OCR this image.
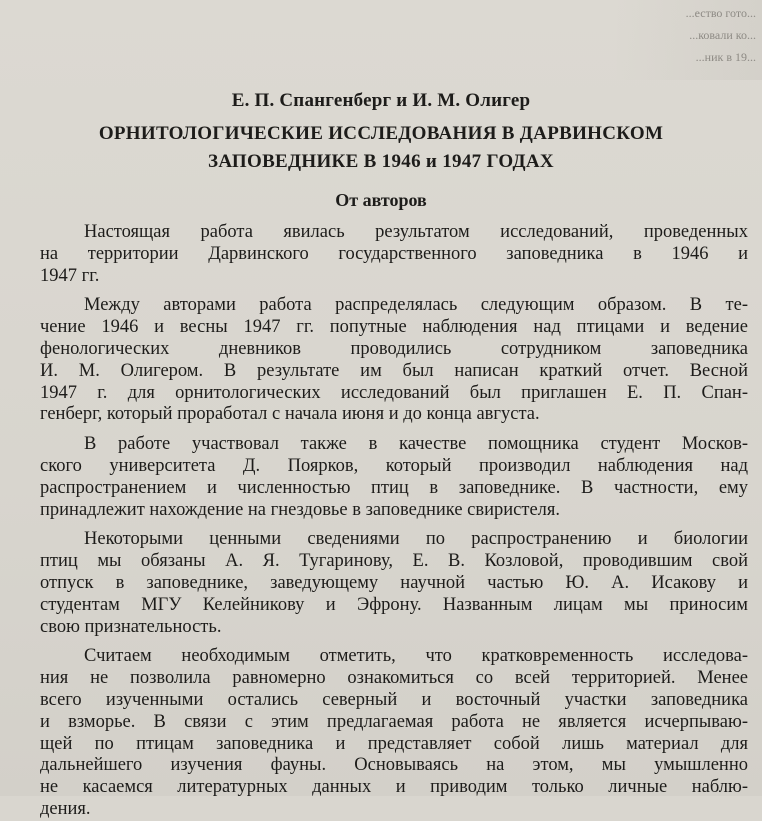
...ество гото...
...ковали ко...
...ник в 19...
Е. П. Спангенберг и И. М. Олигер
ОРНИТОЛОГИЧЕСКИЕ ИССЛЕДОВАНИЯ В ДАРВИНСКОМ
ЗАПОВЕДНИКЕ В 1946 и 1947 ГОДАХ
От авторов
Настоящая работа явилась результатом исследований, проведенных
на территории Дарвинского государственного заповедника в 1946 и
1947 гг.
Между авторами работа распределялась следующим образом. В те-
чение 1946 и весны 1947 гг. попутные наблюдения над птицами и ведение
фенологических дневников проводились сотрудником заповедника
И. М. Олигером. В результате им был написан краткий отчет. Весной
1947 г. для орнитологических исследований был приглашен Е. П. Спан-
генберг, который проработал с начала июня и до конца августа.
В работе участвовал также в качестве помощника студент Москов-
ского университета Д. Поярков, который производил наблюдения над
распространением и численностью птиц в заповеднике. В частности, ему
принадлежит нахождение на гнездовье в заповеднике свиристеля.
Некоторыми ценными сведениями по распространению и биологии
птиц мы обязаны А. Я. Тугаринову, Е. В. Козловой, проводившим свой
отпуск в заповеднике, заведующему научной частью Ю. А. Исакову и
студентам МГУ Келейникову и Эфрону. Названным лицам мы приносим
свою признательность.
Считаем необходимым отметить, что кратковременность исследова-
ния не позволила равномерно ознакомиться со всей территорией. Менее
всего изученными остались северный и восточный участки заповедника
и взморье. В связи с этим предлагаемая работа не является исчерпываю-
щей по птицам заповедника и представляет собой лишь материал для
дальнейшего изучения фауны. Основываясь на этом, мы умышленно
не касаемся литературных данных и приводим только личные наблю-
дения.
